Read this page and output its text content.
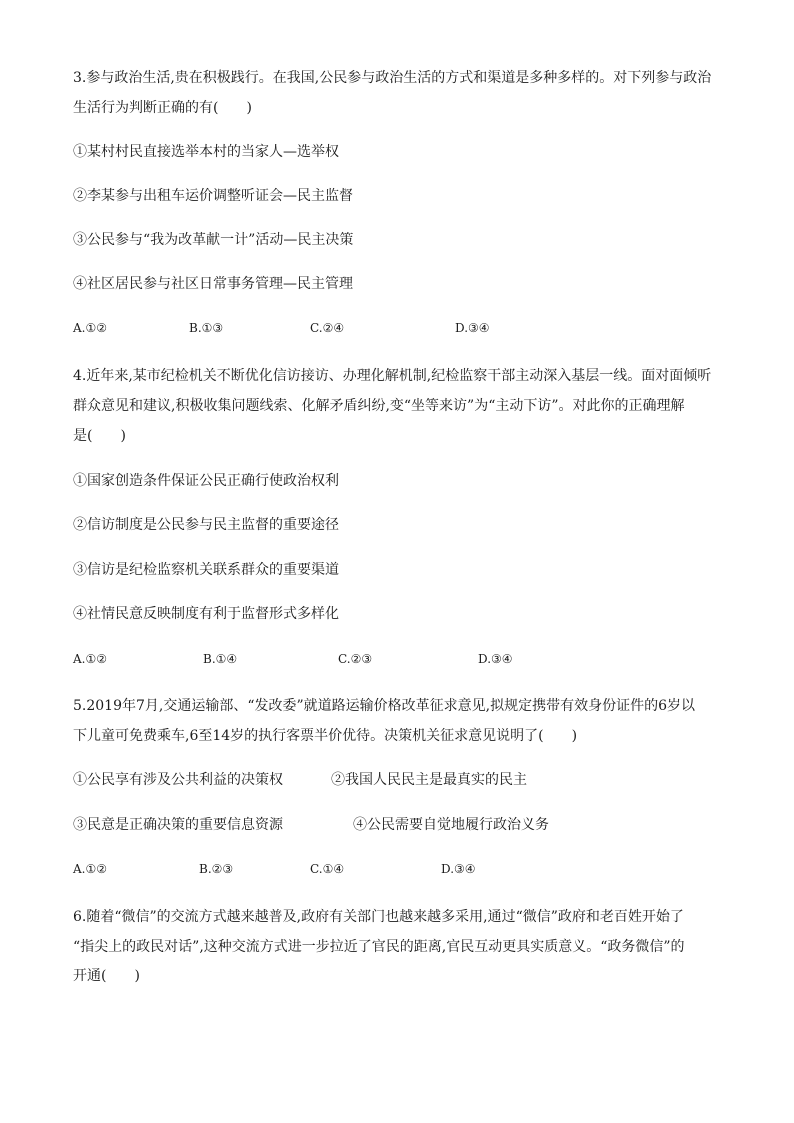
3.参与政治生活,贵在积极践行。在我国,公民参与政治生活的方式和渠道是多种多样的。对下列参与政治
生活行为判断正确的有(　　)
①某村村民直接选举本村的当家人—选举权
②李某参与出租车运价调整听证会—民主监督
③公民参与“我为改革献一计”活动—民主决策
④社区居民参与社区日常事务管理—民主管理
A.①②	B.①③	C.②④	D.③④
4.近年来,某市纪检机关不断优化信访接访、办理化解机制,纪检监察干部主动深入基层一线。面对面倾听
群众意见和建议,积极收集问题线索、化解矛盾纠纷,变“坐等来访”为“主动下访”。对此你的正确理解
是(　　)
①国家创造条件保证公民正确行使政治权利
②信访制度是公民参与民主监督的重要途径
③信访是纪检监察机关联系群众的重要渠道
④社情民意反映制度有利于监督形式多样化
A.①②	B.①④	C.②③	D.③④
5.2019年7月,交通运输部、“发改委”就道路运输价格改革征求意见,拟规定携带有效身份证件的6岁以
下儿童可免费乘车,6至14岁的执行客票半价优待。决策机关征求意见说明了(　　)
①公民享有涉及公共利益的决策权	②我国人民民主是最真实的民主
③民意是正确决策的重要信息资源	④公民需要自觉地履行政治义务
A.①②	B.②③	C.①④	D.③④
6.随着“微信”的交流方式越来越普及,政府有关部门也越来越多采用,通过“微信”政府和老百姓开始了
“指尖上的政民对话”,这种交流方式进一步拉近了官民的距离,官民互动更具实质意义。“政务微信”的
开通(　　)
